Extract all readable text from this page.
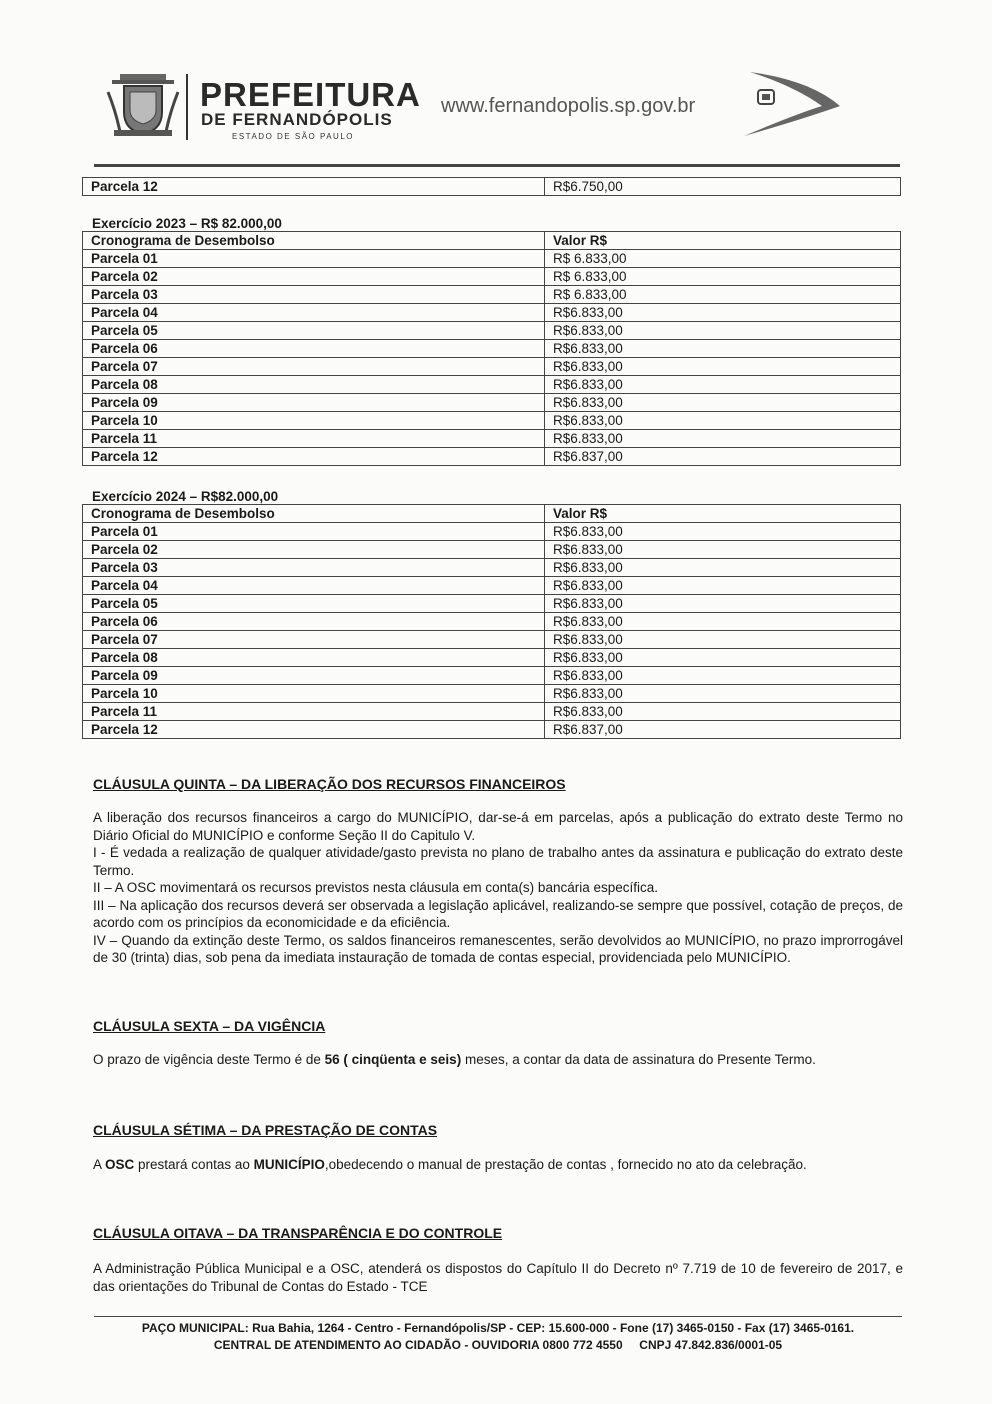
PREFEITURA
DE FERNANDÓPOLIS
ESTADO DE SÃO PAULO
www.fernandopolis.sp.gov.br
Parcela 12	R$6.750,00
Exercício 2023 – R$ 82.000,00
Cronograma de Desembolso	Valor R$
Parcela 01	R$ 6.833,00
Parcela 02	R$ 6.833,00
Parcela 03	R$ 6.833,00
Parcela 04	R$6.833,00
Parcela 05	R$6.833,00
Parcela 06	R$6.833,00
Parcela 07	R$6.833,00
Parcela 08	R$6.833,00
Parcela 09	R$6.833,00
Parcela 10	R$6.833,00
Parcela 11	R$6.833,00
Parcela 12	R$6.837,00
Exercício 2024 – R$82.000,00
Cronograma de Desembolso	Valor R$
Parcela 01	R$6.833,00
Parcela 02	R$6.833,00
Parcela 03	R$6.833,00
Parcela 04	R$6.833,00
Parcela 05	R$6.833,00
Parcela 06	R$6.833,00
Parcela 07	R$6.833,00
Parcela 08	R$6.833,00
Parcela 09	R$6.833,00
Parcela 10	R$6.833,00
Parcela 11	R$6.833,00
Parcela 12	R$6.837,00
CLÁUSULA QUINTA – DA LIBERAÇÃO DOS RECURSOS FINANCEIROS

A liberação dos recursos financeiros a cargo do MUNICÍPIO, dar-se-á em parcelas, após a publicação do extrato deste Termo no Diário Oficial do MUNICÍPIO e conforme Seção II do Capitulo V.

I - É vedada a realização de qualquer atividade/gasto prevista no plano de trabalho antes da assinatura e publicação do extrato deste Termo.

II – A OSC movimentará os recursos previstos nesta cláusula em conta(s) bancária específica.

III – Na aplicação dos recursos deverá ser observada a legislação aplicável, realizando-se sempre que possível, cotação de preços, de acordo com os princípios da economicidade e da eficiência.

IV – Quando da extinção deste Termo, os saldos financeiros remanescentes, serão devolvidos ao MUNICÍPIO, no prazo improrrogável de 30 (trinta) dias, sob pena da imediata instauração de tomada de contas especial, providenciada pelo MUNICÍPIO.

CLÁUSULA SEXTA – DA VIGÊNCIA

O prazo de vigência deste Termo é de 56 ( cinqüenta e seis) meses, a contar da data de assinatura do Presente Termo.

CLÁUSULA SÉTIMA – DA PRESTAÇÃO DE CONTAS

A OSC prestará contas ao MUNICÍPIO,obedecendo o manual de prestação de contas , fornecido no ato da celebração.

CLÁUSULA OITAVA – DA TRANSPARÊNCIA E DO CONTROLE

A Administração Pública Municipal e a OSC, atenderá os dispostos do Capítulo II do Decreto nº 7.719 de 10 de fevereiro de 2017, e das orientações do Tribunal de Contas do Estado - TCE

PAÇO MUNICIPAL: Rua Bahia, 1264 - Centro - Fernandópolis/SP - CEP: 15.600-000 - Fone (17) 3465-0150 - Fax (17) 3465-0161.
CENTRAL DE ATENDIMENTO AO CIDADÃO - OUVIDORIA 0800 772 4550     CNPJ 47.842.836/0001-05
